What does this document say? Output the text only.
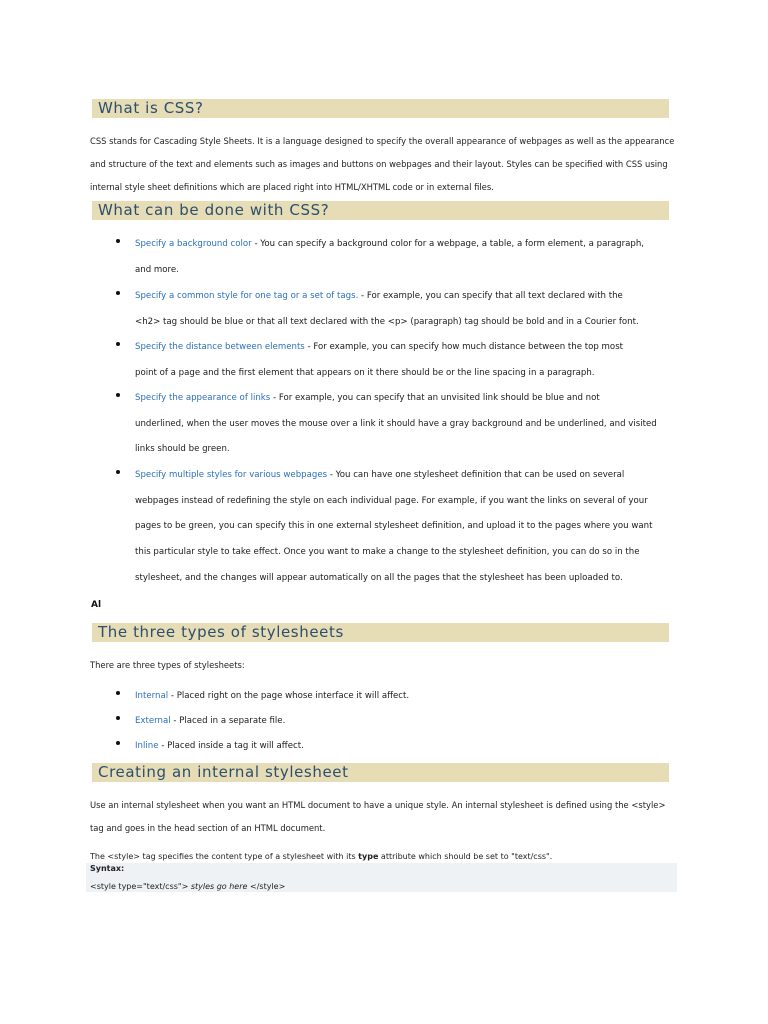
What is CSS?
CSS stands for Cascading Style Sheets. It is a language designed to specify the overall appearance of webpages as well as the appearance
and structure of the text and elements such as images and buttons on webpages and their layout. Styles can be specified with CSS using
internal style sheet definitions which are placed right into HTML/XHTML code or in external files.
What can be done with CSS?
Specify a background color - You can specify a background color for a webpage, a table, a form element, a paragraph,
and more.
Specify a common style for one tag or a set of tags. - For example, you can specify that all text declared with the
<h2> tag should be blue or that all text declared with the <p> (paragraph) tag should be bold and in a Courier font.
Specify the distance between elements - For example, you can specify how much distance between the top most
point of a page and the first element that appears on it there should be or the line spacing in a paragraph.
Specify the appearance of links - For example, you can specify that an unvisited link should be blue and not
underlined, when the user moves the mouse over a link it should have a gray background and be underlined, and visited
links should be green.
Specify multiple styles for various webpages - You can have one stylesheet definition that can be used on several
webpages instead of redefining the style on each individual page. For example, if you want the links on several of your
pages to be green, you can specify this in one external stylesheet definition, and upload it to the pages where you want
this particular style to take effect. Once you want to make a change to the stylesheet definition, you can do so in the
stylesheet, and the changes will appear automatically on all the pages that the stylesheet has been uploaded to.
Al
The three types of stylesheets
There are three types of stylesheets:
Internal - Placed right on the page whose interface it will affect.
External - Placed in a separate file.
Inline - Placed inside a tag it will affect.
Creating an internal stylesheet
Use an internal stylesheet when you want an HTML document to have a unique style. An internal stylesheet is defined using the <style>
tag and goes in the head section of an HTML document.
The <style> tag specifies the content type of a stylesheet with its type attribute which should be set to "text/css".
Syntax:
<style type="text/css"> styles go here </style>
